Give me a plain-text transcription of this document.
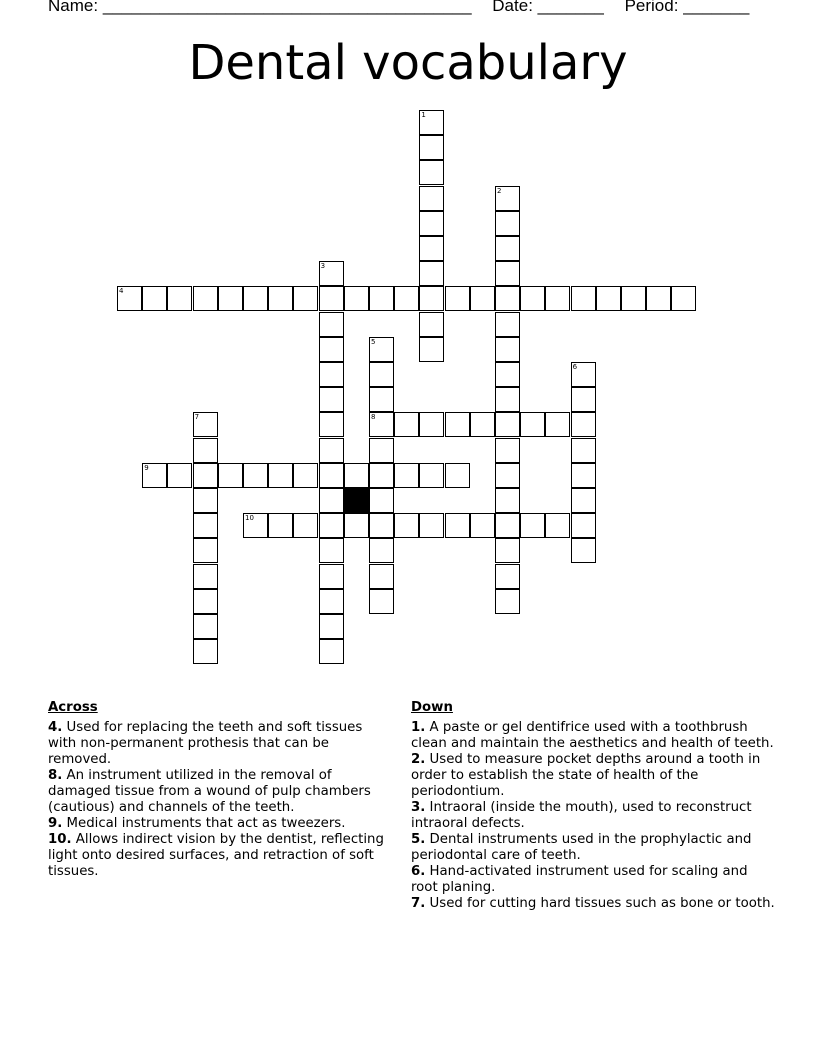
Name: _______________________________________ Date: _______ Period: _______
Dental vocabulary
1
2
3
4
5
8
6
7
9
10
Across

4. Used for replacing the teeth and soft tissues with non-permanent prothesis that can be removed.

8. An instrument utilized in the removal of damaged tissue from a wound of pulp chambers (cautious) and channels of the teeth.

9. Medical instruments that act as tweezers.

10. Allows indirect vision by the dentist, reflecting light onto desired surfaces, and retraction of soft tissues.

Down

1. A paste or gel dentifrice used with a toothbrush clean and maintain the aesthetics and health of teeth.

2. Used to measure pocket depths around a tooth in order to establish the state of health of the periodontium.

3. Intraoral (inside the mouth), used to reconstruct intraoral defects.

5. Dental instruments used in the prophylactic and periodontal care of teeth.

6. Hand-activated instrument used for scaling and root planing.

7. Used for cutting hard tissues such as bone or tooth.
